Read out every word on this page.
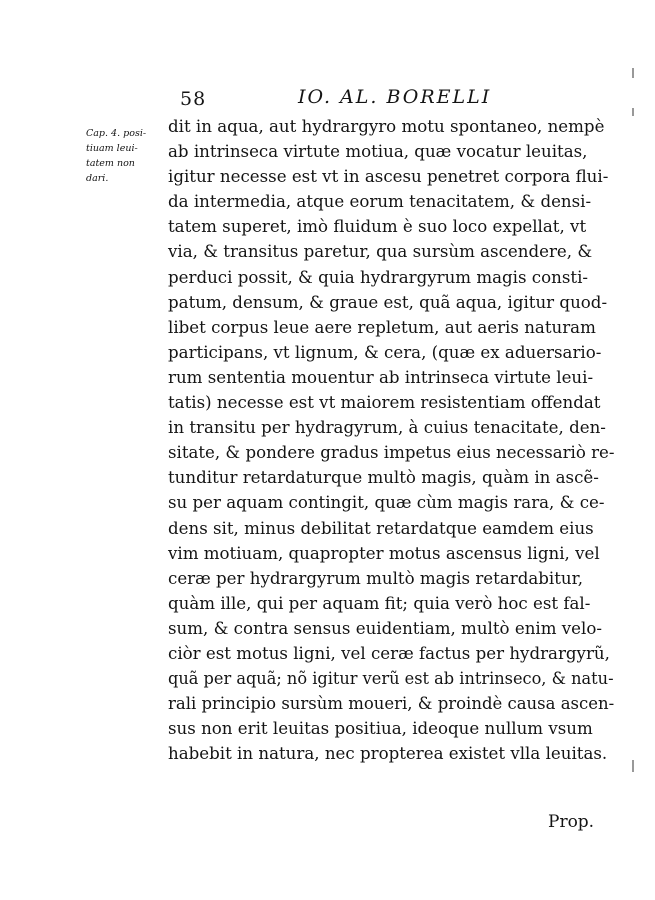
58	IO. AL. BORELLI
Cap. 4. posi-
tiuam leui-
tatem non
dari.
dit in aqua, aut hydrargyro motu spontaneo, nempè
ab intrinseca virtute motiua, quæ vocatur leuitas,
igitur necesse est vt in ascesu penetret corpora flui-
da intermedia, atque eorum tenacitatem, & densi-
tatem superet, imò fluidum è suo loco expellat, vt
via, & transitus paretur, qua sursùm ascendere, &
perduci possit, & quia hydrargyrum magis consti-
patum, densum, & graue est, quã aqua, igitur quod-
libet corpus leue aere repletum, aut aeris naturam
participans, vt lignum, & cera, (quæ ex aduersario-
rum sententia mouentur ab intrinseca virtute leui-
tatis) necesse est vt maiorem resistentiam offendat
in transitu per hydragyrum, à cuius tenacitate, den-
sitate, & pondere gradus impetus eius necessariò re-
tunditur retardaturque multò magis, quàm in ascẽ-
su per aquam contingit, quæ cùm magis rara, & ce-
dens sit, minus debilitat retardatque eamdem eius
vim motiuam, quapropter motus ascensus ligni, vel
ceræ per hydrargyrum multò magis retardabitur,
quàm ille, qui per aquam fit; quia verò hoc est fal-
sum, & contra sensus euidentiam, multò enim velo-
ciòr est motus ligni, vel ceræ factus per hydrargyrũ,
quã per aquã; nõ igitur verũ est ab intrinseco, & natu-
rali principio sursùm moueri, & proindè causa ascen-
sus non erit leuitas positiua, ideoque nullum vsum
habebit in natura, nec propterea existet vlla leuitas.
Prop.
